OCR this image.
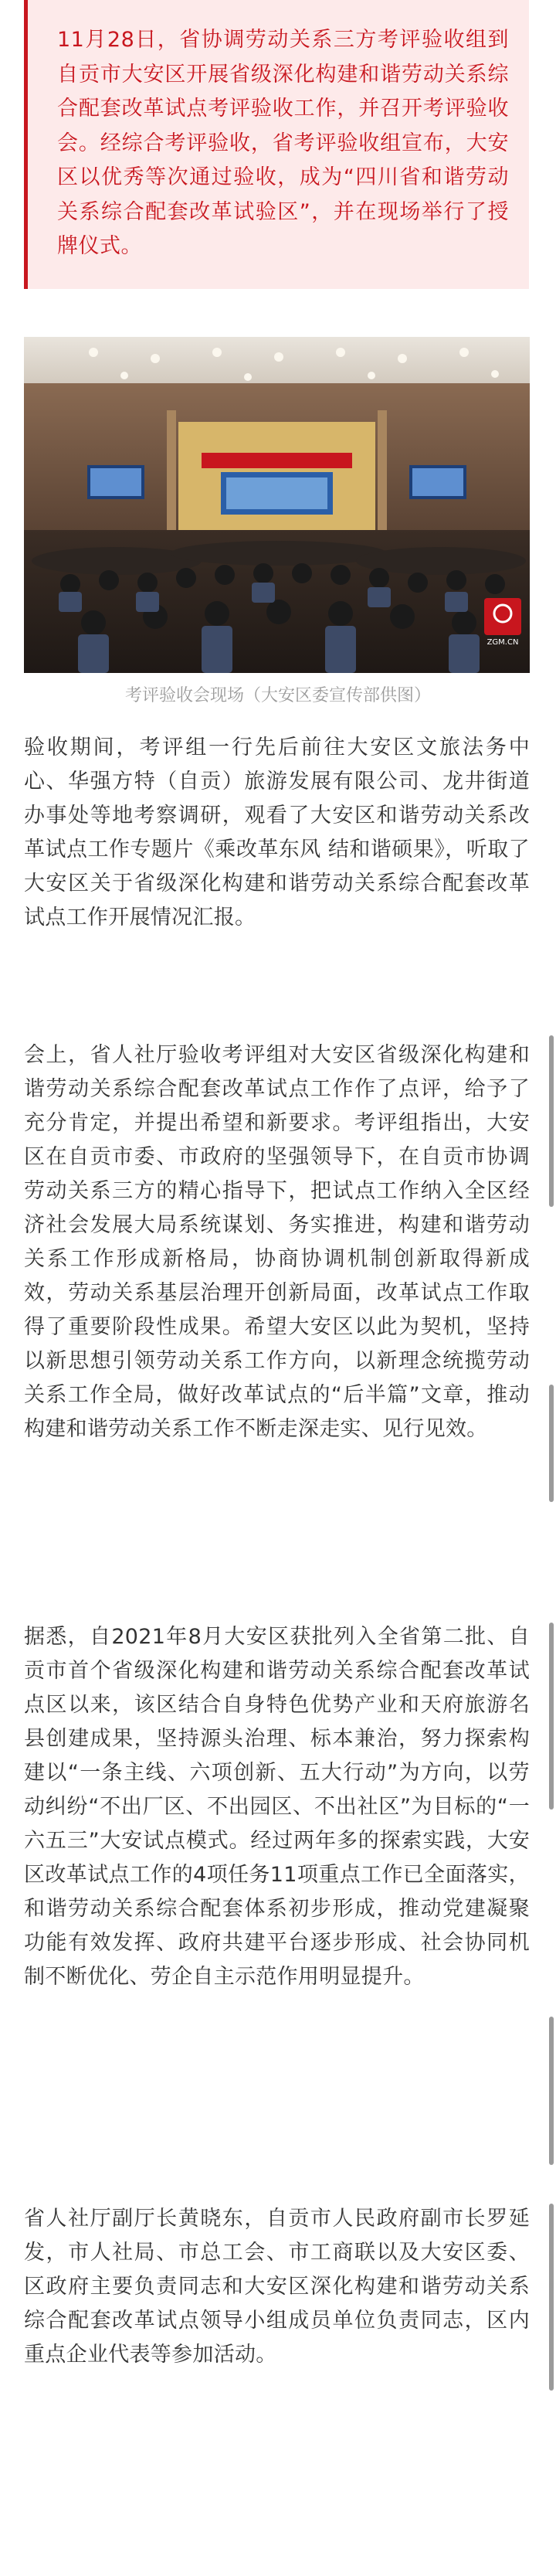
11月28日，省协调劳动关系三方考评验收组到自贡市大安区开展省级深化构建和谐劳动关系综合配套改革试点考评验收工作，并召开考评验收会。经综合考评验收，省考评验收组宣布，大安区以优秀等次通过验收，成为“四川省和谐劳动关系综合配套改革试验区”，并在现场举行了授牌仪式。

ZGM.CN
考评验收会现场（大安区委宣传部供图）

验收期间，考评组一行先后前往大安区文旅法务中心、华强方特（自贡）旅游发展有限公司、龙井街道办事处等地考察调研，观看了大安区和谐劳动关系改革试点工作专题片《乘改革东风 结和谐硕果》，听取了大安区关于省级深化构建和谐劳动关系综合配套改革试点工作开展情况汇报。

会上，省人社厅验收考评组对大安区省级深化构建和谐劳动关系综合配套改革试点工作作了点评，给予了充分肯定，并提出希望和新要求。考评组指出，大安区在自贡市委、市政府的坚强领导下，在自贡市协调劳动关系三方的精心指导下，把试点工作纳入全区经济社会发展大局系统谋划、务实推进，构建和谐劳动关系工作形成新格局，协商协调机制创新取得新成效，劳动关系基层治理开创新局面，改革试点工作取得了重要阶段性成果。希望大安区以此为契机，坚持以新思想引领劳动关系工作方向，以新理念统揽劳动关系工作全局，做好改革试点的“后半篇”文章，推动构建和谐劳动关系工作不断走深走实、见行见效。

据悉，自2021年8月大安区获批列入全省第二批、自贡市首个省级深化构建和谐劳动关系综合配套改革试点区以来，该区结合自身特色优势产业和天府旅游名县创建成果，坚持源头治理、标本兼治，努力探索构建以“一条主线、六项创新、五大行动”为方向，以劳动纠纷“不出厂区、不出园区、不出社区”为目标的“一六五三”大安试点模式。经过两年多的探索实践，大安区改革试点工作的4项任务11项重点工作已全面落实，和谐劳动关系综合配套体系初步形成，推动党建凝聚功能有效发挥、政府共建平台逐步形成、社会协同机制不断优化、劳企自主示范作用明显提升。

省人社厅副厅长黄晓东，自贡市人民政府副市长罗延发，市人社局、市总工会、市工商联以及大安区委、区政府主要负责同志和大安区深化构建和谐劳动关系综合配套改革试点领导小组成员单位负责同志，区内重点企业代表等参加活动。
